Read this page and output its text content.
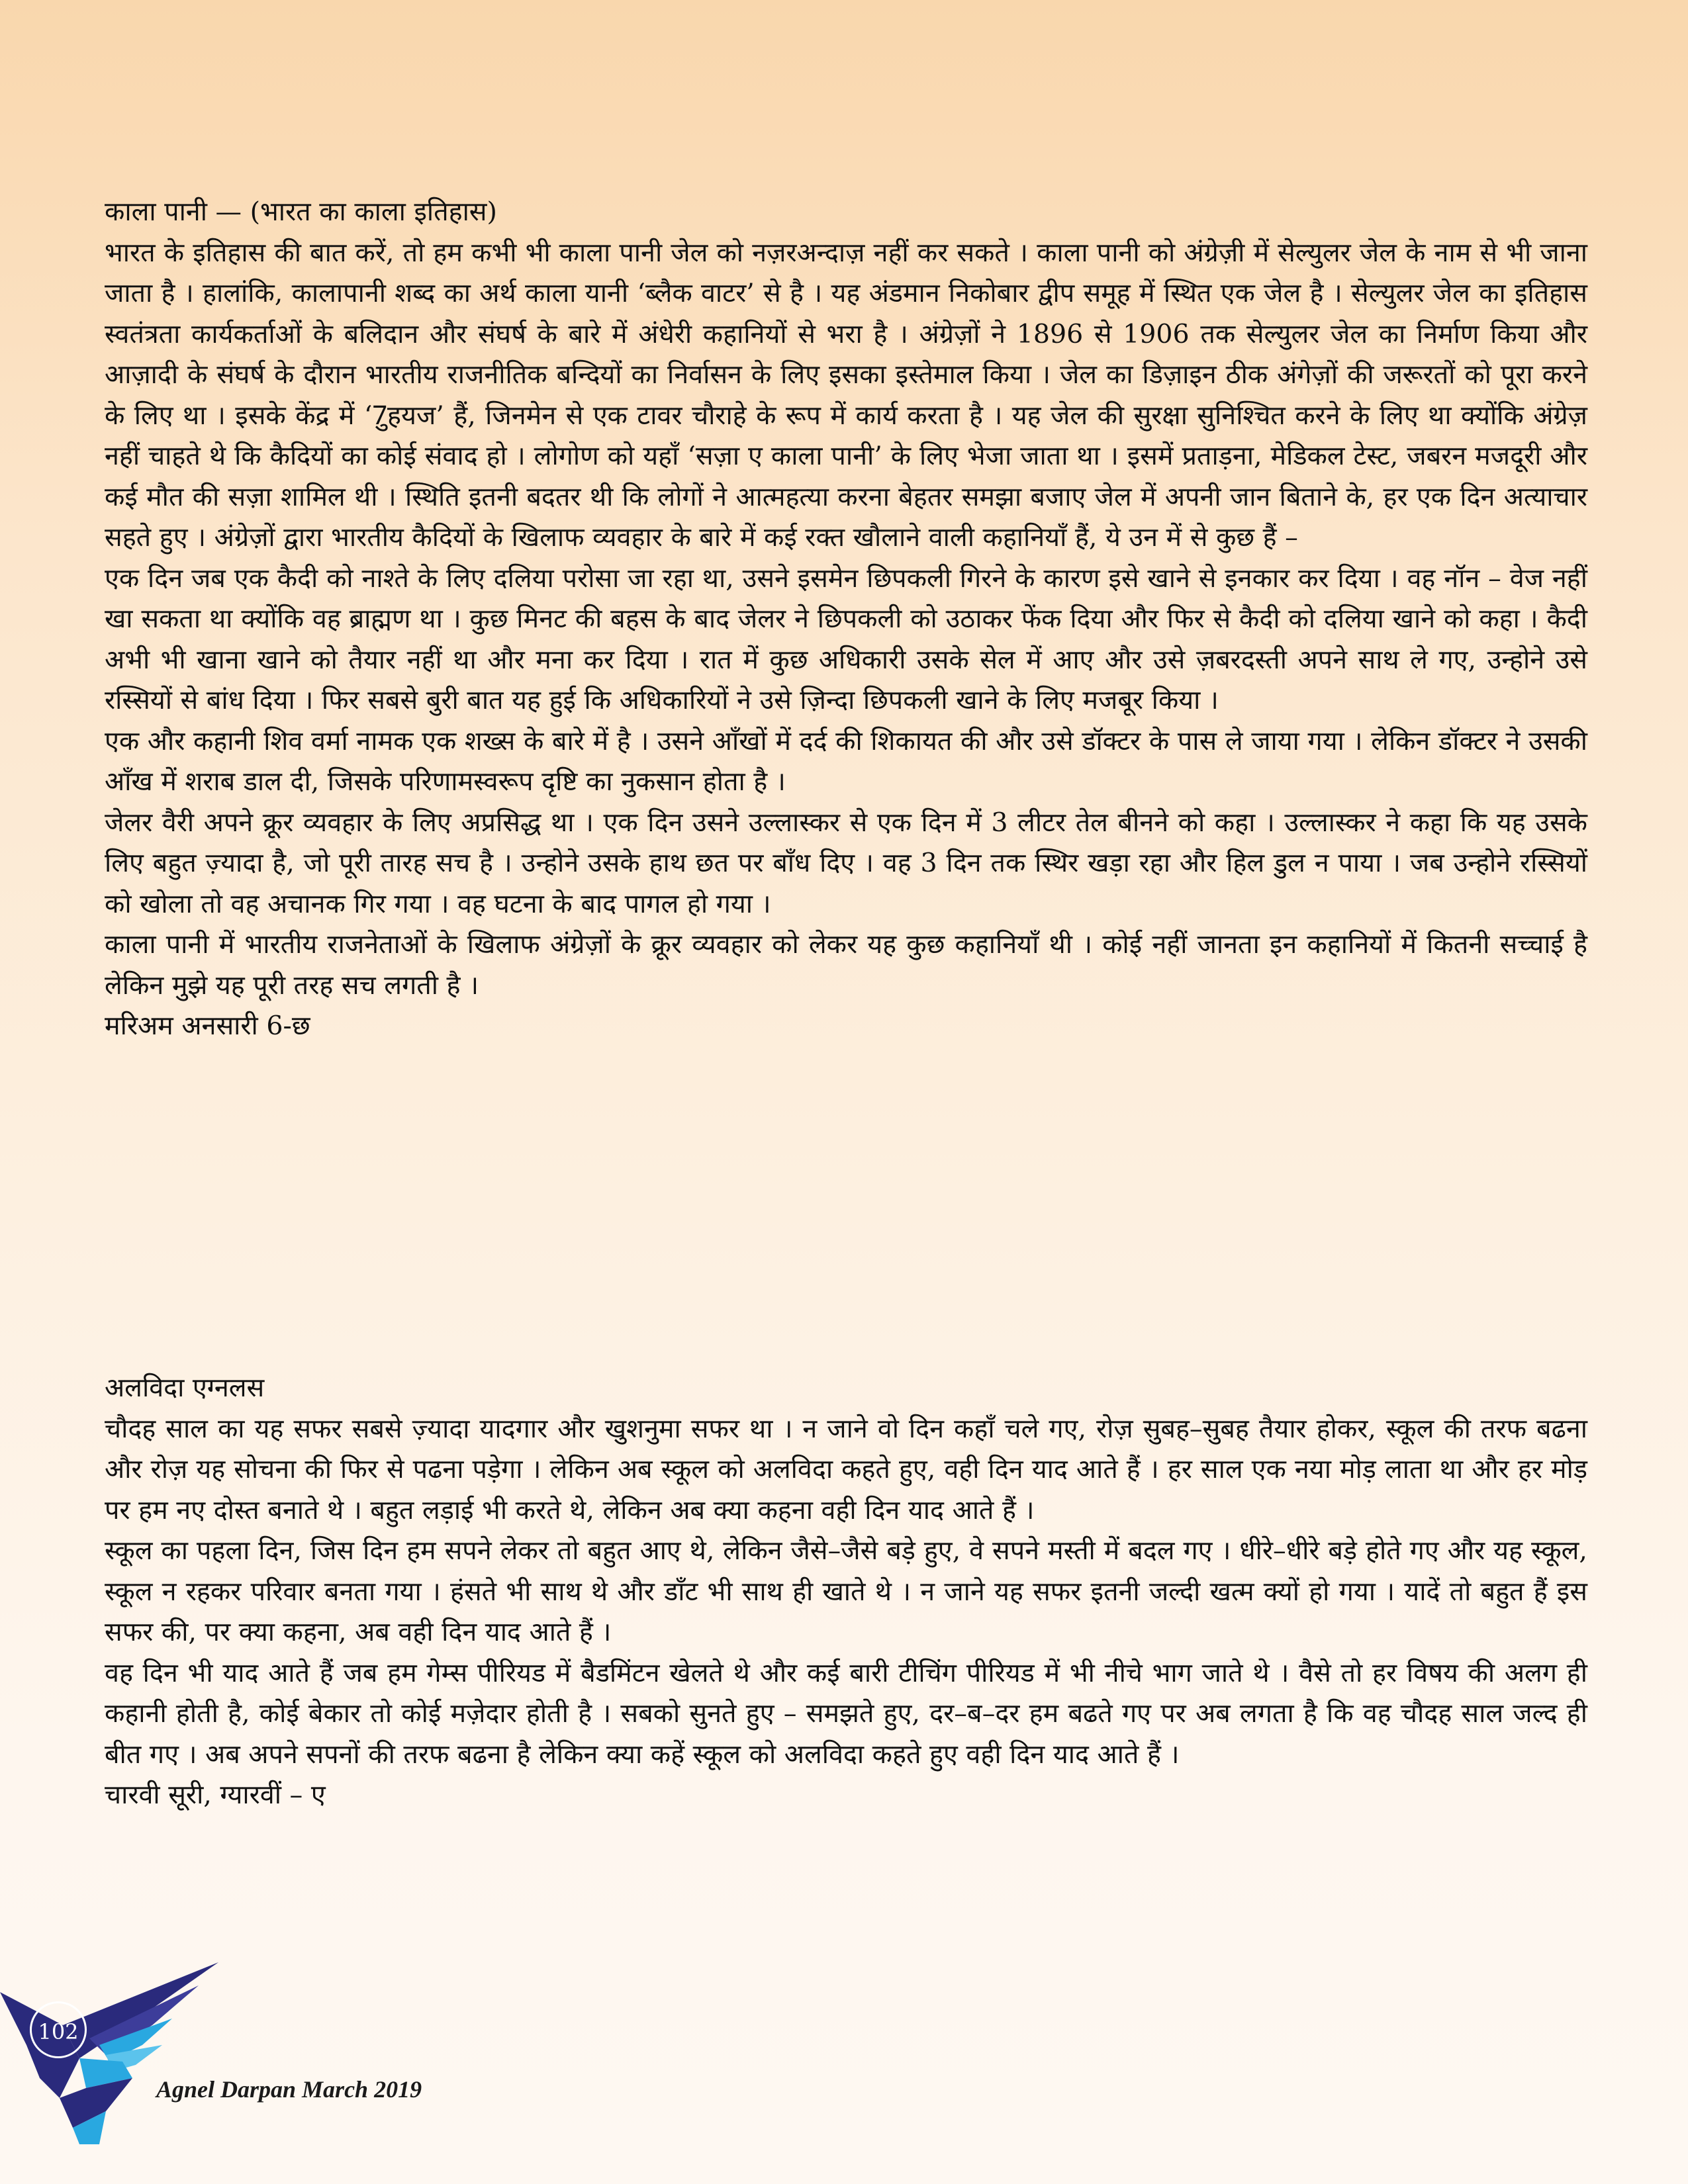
काला पानी — (भारत का काला इतिहास)

भारत के इतिहास की बात करें, तो हम कभी भी काला पानी जेल को नज़रअन्दाज़ नहीं कर सकते । काला पानी को अंग्रेज़ी में सेल्युलर जेल के नाम से भी जाना जाता है । हालांकि, कालापानी शब्द का अर्थ काला यानी ‘ब्लैक वाटर’ से है । यह अंडमान निकोबार द्वीप समूह में स्थित एक जेल है । सेल्युलर जेल का इतिहास स्वतंत्रता कार्यकर्ताओं के बलिदान और संघर्ष के बारे में अंधेरी कहानियों से भरा है । अंग्रेज़ों ने 1896 से 1906 तक सेल्युलर जेल का निर्माण किया और आज़ादी के संघर्ष के दौरान भारतीय राजनीतिक बन्दियों का निर्वासन के लिए इसका इस्तेमाल किया । जेल का डिज़ाइन ठीक अंगेज़ों की जरूरतों को पूरा करने के लिए था । इसके केंद्र में ‘7ुहयज’ हैं, जिनमेन से एक टावर चौराहे के रूप में कार्य करता है । यह जेल की सुरक्षा सुनिश्चित करने के लिए था क्योंकि अंग्रेज़ नहीं चाहते थे कि कैदियों का कोई संवाद हो । लोगोण को यहाँ ‘सज़ा ए काला पानी’ के लिए भेजा जाता था । इसमें प्रताड़ना, मेडिकल टेस्ट, जबरन मजदूरी और कई मौत की सज़ा शामिल थी । स्थिति इतनी बदतर थी कि लोगों ने आत्महत्या करना बेहतर समझा बजाए जेल में अपनी जान बिताने के, हर एक दिन अत्याचार सहते हुए । अंग्रेज़ों द्वारा भारतीय कैदियों के खिलाफ व्यवहार के बारे में कई रक्त खौलाने वाली कहानियाँ हैं, ये उन में से कुछ हैं –

एक दिन जब एक कैदी को नाश्ते के लिए दलिया परोसा जा रहा था, उसने इसमेन छिपकली गिरने के कारण इसे खाने से इनकार कर दिया । वह नॉन – वेज नहीं खा सकता था क्योंकि वह ब्राह्मण था । कुछ मिनट की बहस के बाद जेलर ने छिपकली को उठाकर फेंक दिया और फिर से कैदी को दलिया खाने को कहा । कैदी अभी भी खाना खाने को तैयार नहीं था और मना कर दिया । रात में कुछ अधिकारी उसके सेल में आए और उसे ज़बरदस्ती अपने साथ ले गए, उन्होने उसे रस्सियों से बांध दिया । फिर सबसे बुरी बात यह हुई कि अधिकारियों ने उसे ज़िन्दा छिपकली खाने के लिए मजबूर किया ।

एक और कहानी शिव वर्मा नामक एक शख्स के बारे में है । उसने आँखों में दर्द की शिकायत की और उसे डॉक्टर के पास ले जाया गया । लेकिन डॉक्टर ने उसकी आँख में शराब डाल दी, जिसके परिणामस्वरूप दृष्टि का नुकसान होता है ।

जेलर वैरी अपने क्रूर व्यवहार के लिए अप्रसिद्ध था । एक दिन उसने उल्लास्कर से एक दिन में 3 लीटर तेल बीनने को कहा । उल्लास्कर ने कहा कि यह उसके लिए बहुत ज़्यादा है, जो पूरी तारह सच है । उन्होने उसके हाथ छत पर बाँध दिए । वह 3 दिन तक स्थिर खड़ा रहा और हिल डुल न पाया । जब उन्होने रस्सियों को खोला तो वह अचानक गिर गया । वह घटना के बाद पागल हो गया ।

काला पानी में भारतीय राजनेताओं के खिलाफ अंग्रेज़ों के क्रूर व्यवहार को लेकर यह कुछ कहानियाँ थी । कोई नहीं जानता इन कहानियों में कितनी सच्चाई है लेकिन मुझे यह पूरी तरह सच लगती है ।

मरिअम अनसारी 6-छ

अलविदा एग्नलस

चौदह साल का यह सफर सबसे ज़्यादा यादगार और खुशनुमा सफर था । न जाने वो दिन कहाँ चले गए, रोज़ सुबह–सुबह तैयार होकर, स्कूल की तरफ बढना और रोज़ यह सोचना की फिर से पढना पड़ेगा । लेकिन अब स्कूल को अलविदा कहते हुए, वही दिन याद आते हैं । हर साल एक नया मोड़ लाता था और हर मोड़ पर हम नए दोस्त बनाते थे । बहुत लड़ाई भी करते थे, लेकिन अब क्या कहना वही दिन याद आते हैं ।

स्कूल का पहला दिन, जिस दिन हम सपने लेकर तो बहुत आए थे, लेकिन जैसे–जैसे बड़े हुए, वे सपने मस्ती में बदल गए । धीरे–धीरे बड़े होते गए और यह स्कूल, स्कूल न रहकर परिवार बनता गया । हंसते भी साथ थे और डाँट भी साथ ही खाते थे । न जाने यह सफर इतनी जल्दी खत्म क्यों हो गया । यादें तो बहुत हैं इस सफर की, पर क्या कहना, अब वही दिन याद आते हैं ।

वह दिन भी याद आते हैं जब हम गेम्स पीरियड में बैडमिंटन खेलते थे और कई बारी टीचिंग पीरियड में भी नीचे भाग जाते थे । वैसे तो हर विषय की अलग ही कहानी होती है, कोई बेकार तो कोई मज़ेदार होती है । सबको सुनते हुए – समझते हुए, दर–ब–दर हम बढते गए पर अब लगता है कि वह चौदह साल जल्द ही बीत गए । अब अपने सपनों की तरफ बढना है लेकिन क्या कहें स्कूल को अलविदा कहते हुए वही दिन याद आते हैं ।

चारवी सूरी, ग्यारवीं – ए

102
Agnel Darpan March 2019
